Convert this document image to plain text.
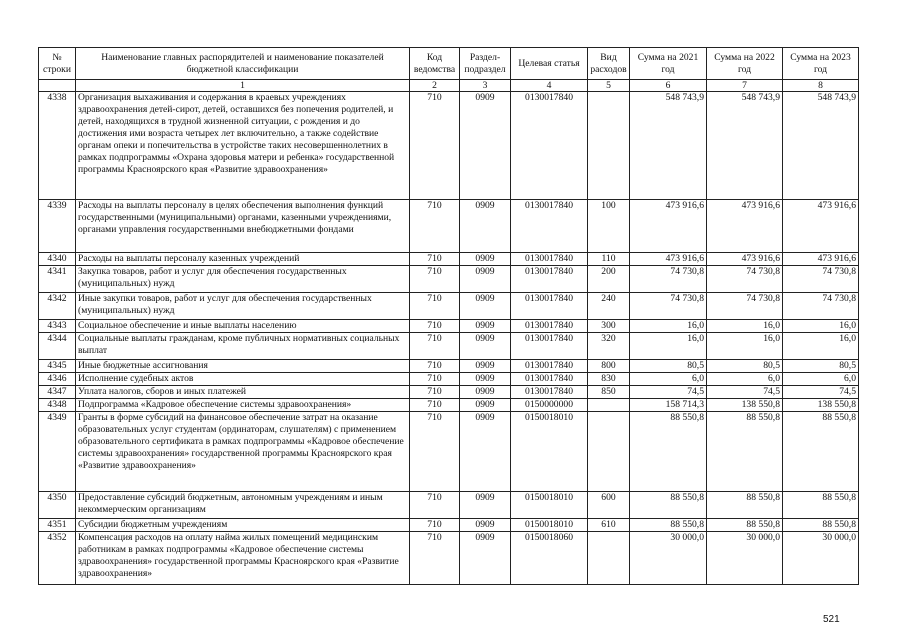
№ строки	Наименование главных распорядителей и наименование показателей бюджетной классификации	Код ведомства	Раздел-подраздел	Целевая статья	Вид расходов	Сумма на 2021 год	Сумма на 2022 год	Сумма на 2023 год
	1	2	3	4	5	6	7	8
4338	Организация выхаживания и содержания в краевых учреждениях здравоохранения детей-сирот, детей, оставшихся без попечения родителей, и детей, находящихся в трудной жизненной ситуации, с рождения и до достижения ими возраста четырех лет включительно, а также содействие органам опеки и попечительства в устройстве таких несовершеннолетних в рамках подпрограммы «Охрана здоровья матери и ребенка» государственной программы Красноярского края «Развитие здравоохранения»	710	0909	0130017840		548 743,9	548 743,9	548 743,9
4339	Расходы на выплаты персоналу в целях обеспечения выполнения функций государственными (муниципальными) органами, казенными учреждениями, органами управления государственными внебюджетными фондами	710	0909	0130017840	100	473 916,6	473 916,6	473 916,6
4340	Расходы на выплаты персоналу казенных учреждений	710	0909	0130017840	110	473 916,6	473 916,6	473 916,6
4341	Закупка товаров, работ и услуг для обеспечения государственных (муниципальных) нужд	710	0909	0130017840	200	74 730,8	74 730,8	74 730,8
4342	Иные закупки товаров, работ и услуг для обеспечения государственных (муниципальных) нужд	710	0909	0130017840	240	74 730,8	74 730,8	74 730,8
4343	Социальное обеспечение и иные выплаты населению	710	0909	0130017840	300	16,0	16,0	16,0
4344	Социальные выплаты гражданам, кроме публичных нормативных социальных выплат	710	0909	0130017840	320	16,0	16,0	16,0
4345	Иные бюджетные ассигнования	710	0909	0130017840	800	80,5	80,5	80,5
4346	Исполнение судебных актов	710	0909	0130017840	830	6,0	6,0	6,0
4347	Уплата налогов, сборов и иных платежей	710	0909	0130017840	850	74,5	74,5	74,5
4348	Подпрограмма «Кадровое обеспечение системы здравоохранения»	710	0909	0150000000		158 714,3	138 550,8	138 550,8
4349	Гранты в форме субсидий на финансовое обеспечение затрат на оказание образовательных услуг студентам (ординаторам, слушателям) с применением образовательного сертификата в рамках подпрограммы «Кадровое обеспечение системы здравоохранения» государственной программы Красноярского края «Развитие здравоохранения»	710	0909	0150018010		88 550,8	88 550,8	88 550,8
4350	Предоставление субсидий бюджетным, автономным учреждениям и иным некоммерческим организациям	710	0909	0150018010	600	88 550,8	88 550,8	88 550,8
4351	Субсидии бюджетным учреждениям	710	0909	0150018010	610	88 550,8	88 550,8	88 550,8
4352	Компенсация расходов на оплату найма жилых помещений медицинским работникам в рамках подпрограммы «Кадровое обеспечение системы здравоохранения» государственной программы Красноярского края «Развитие здравоохранения»	710	0909	0150018060		30 000,0	30 000,0	30 000,0
521
